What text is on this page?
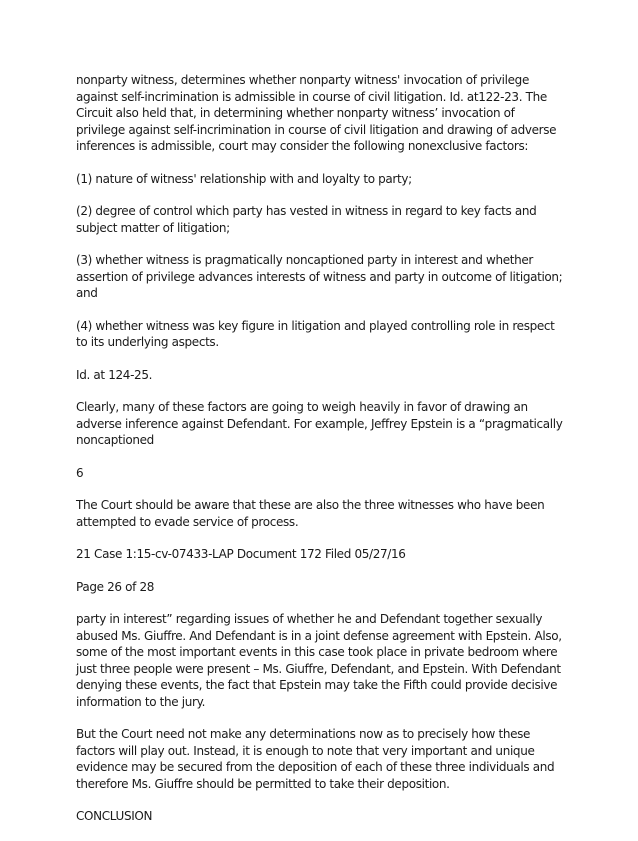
nonparty witness, determines whether nonparty witness' invocation of privilege against self-incrimination is admissible in course of civil litigation. Id. at122-23. The Circuit also held that, in determining whether nonparty witness’ invocation of privilege against self-incrimination in course of civil litigation and drawing of adverse inferences is admissible, court may consider the following nonexclusive factors:

(1) nature of witness' relationship with and loyalty to party;

(2) degree of control which party has vested in witness in regard to key facts and subject matter of litigation;

(3) whether witness is pragmatically noncaptioned party in interest and whether assertion of privilege advances interests of witness and party in outcome of litigation; and

(4) whether witness was key figure in litigation and played controlling role in respect to its underlying aspects.

Id. at 124-25.

Clearly, many of these factors are going to weigh heavily in favor of drawing an adverse inference against Defendant. For example, Jeffrey Epstein is a “pragmatically noncaptioned

6

The Court should be aware that these are also the three witnesses who have been attempted to evade service of process.

21 Case 1:15-cv-07433-LAP Document 172 Filed 05/27/16

Page 26 of 28

party in interest” regarding issues of whether he and Defendant together sexually abused Ms. Giuffre. And Defendant is in a joint defense agreement with Epstein. Also, some of the most important events in this case took place in private bedroom where just three people were present – Ms. Giuffre, Defendant, and Epstein. With Defendant denying these events, the fact that Epstein may take the Fifth could provide decisive information to the jury.

But the Court need not make any determinations now as to precisely how these factors will play out. Instead, it is enough to note that very important and unique evidence may be secured from the deposition of each of these three individuals and therefore Ms. Giuffre should be permitted to take their deposition.

CONCLUSION
